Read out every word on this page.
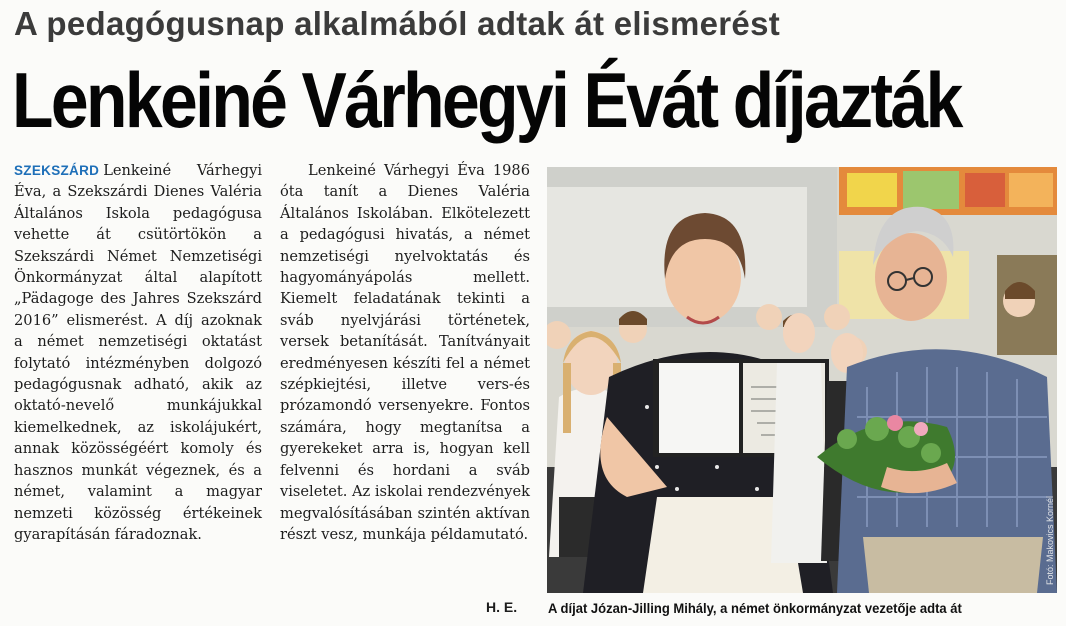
A pedagógusnap alkalmából adtak át elismerést
Lenkeiné Várhegyi Évát díjazták
SZEKSZÁRD Lenkeiné Várhegyi Éva, a Szekszárdi Dienes Valéria Általános Iskola pedagógusa vehette át csütörtökön a Szekszárdi Német Nemzetiségi Önkormányzat által alapított „Pädagoge des Jahres Szekszárd 2016” elismerést. A díj azoknak a német nemzetiségi oktatást folytató intézményben dolgozó pedagógusnak adható, akik az oktató-nevelő munkájukkal kiemelkednek, az iskolájukért, annak közösségéért komoly és hasznos munkát végeznek, és a német, valamint a magyar nemzeti közösség értékeinek gyarapításán fáradoznak.
Lenkeiné Várhegyi Éva 1986 óta tanít a Dienes Valéria Általános Iskolában. Elkötelezett a pedagógusi hivatás, a német nemzetiségi nyelvoktatás és hagyományápolás mellett. Kiemelt feladatának tekinti a sváb nyelvjárási történetek, versek betanítását. Tanítványait eredményesen készíti fel a német szépkiejtési, illetve vers-és prózamondó versenyekre. Fontos számára, hogy megtanítsa a gyerekeket arra is, hogyan kell felvenni és hordani a sváb viseletet. Az iskolai rendezvények megvalósításában szintén aktívan részt vesz, munkája példamutató.
H. E.
Fotó: Makovics Kornél
A díjat Józan-Jilling Mihály, a német önkormányzat vezetője adta át
